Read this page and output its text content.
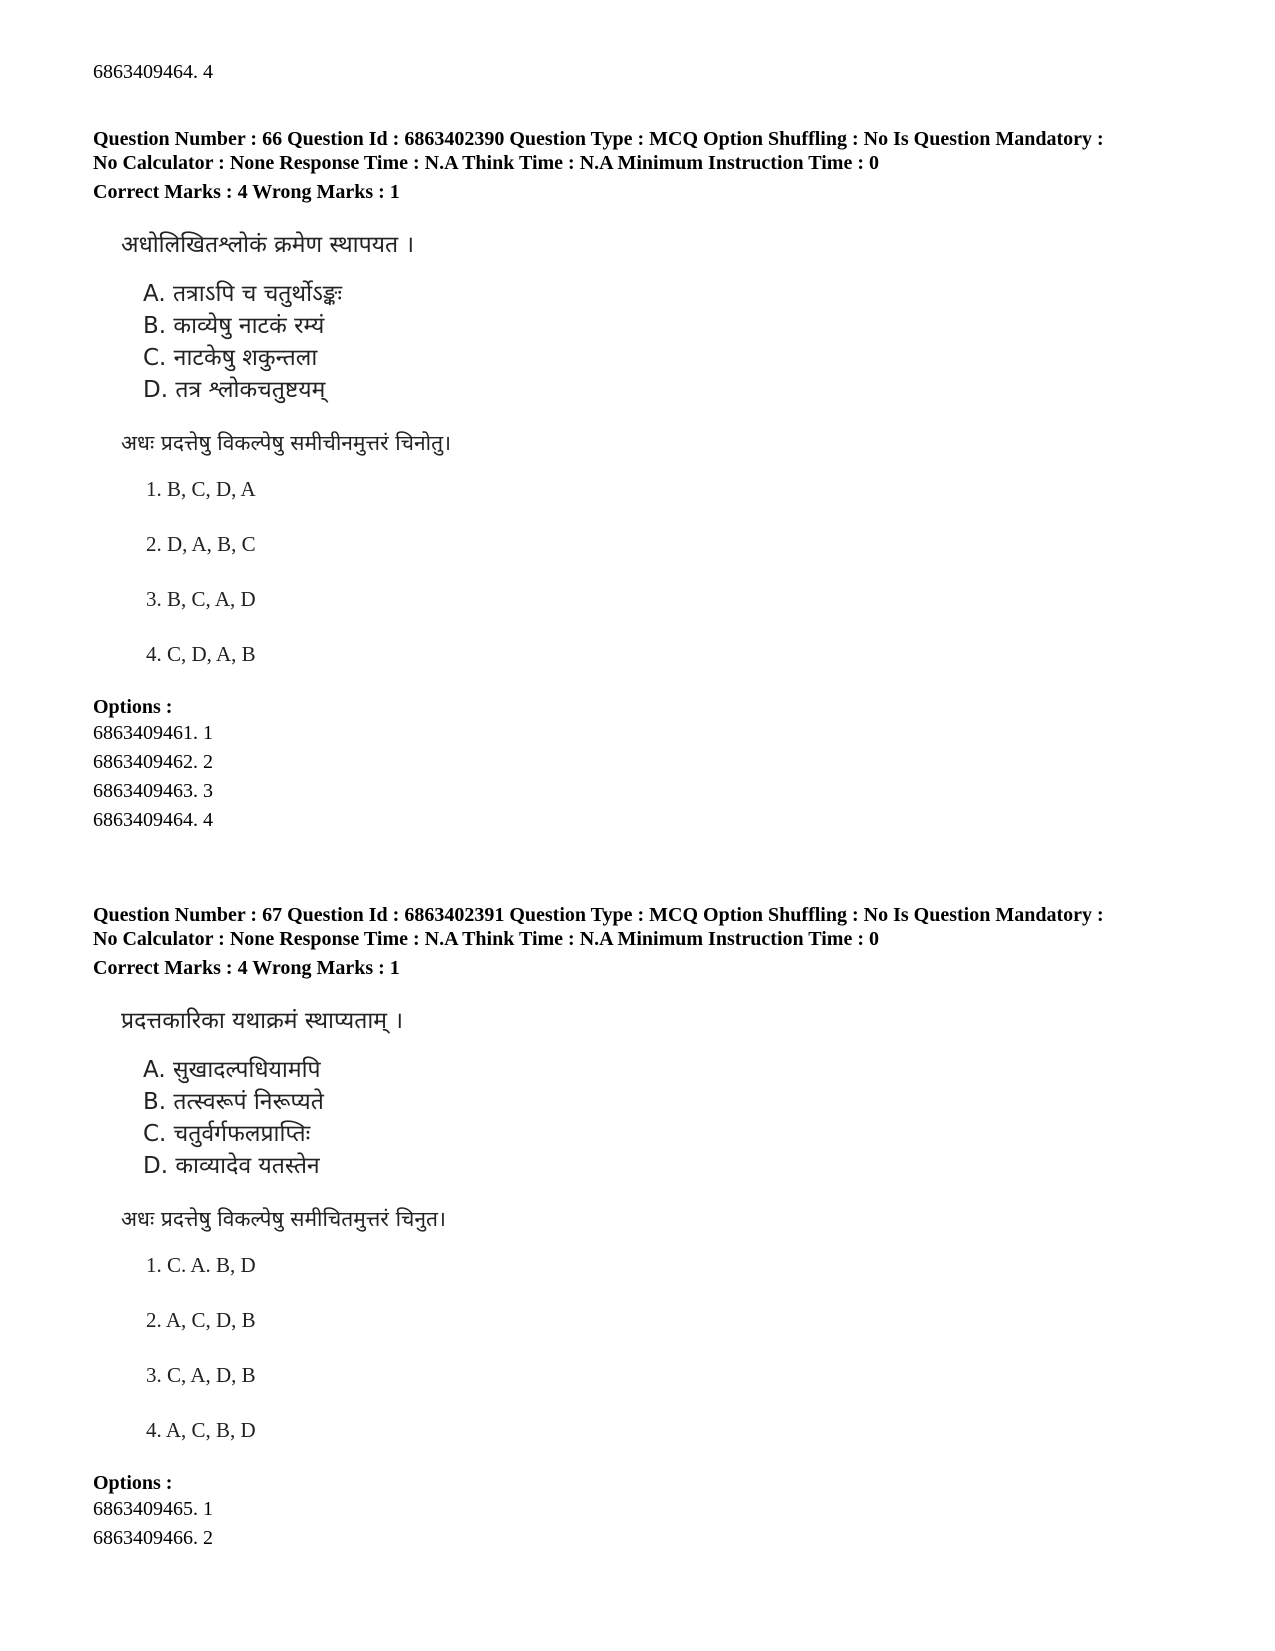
6863409464. 4
Question Number : 66 Question Id : 6863402390 Question Type : MCQ Option Shuffling : No Is Question Mandatory :
No Calculator : None Response Time : N.A Think Time : N.A Minimum Instruction Time : 0
Correct Marks : 4 Wrong Marks : 1
अधोलिखितश्लोकं क्रमेण स्थापयत ।
A. तत्राऽपि च चतुर्थोऽङ्कः
B. काव्येषु नाटकं रम्यं
C. नाटकेषु शकुन्तला
D. तत्र श्लोकचतुष्टयम्
अधः प्रदत्तेषु विकल्पेषु समीचीनमुत्तरं चिनोतु।
1. B, C, D, A
2. D, A, B, C
3. B, C, A, D
4. C, D, A, B
Options :
6863409461. 1
6863409462. 2
6863409463. 3
6863409464. 4
Question Number : 67 Question Id : 6863402391 Question Type : MCQ Option Shuffling : No Is Question Mandatory :
No Calculator : None Response Time : N.A Think Time : N.A Minimum Instruction Time : 0
Correct Marks : 4 Wrong Marks : 1
प्रदत्तकारिका यथाक्रमं स्थाप्यताम् ।
A. सुखादल्पधियामपि
B. तत्स्वरूपं निरूप्यते
C. चतुर्वर्गफलप्राप्तिः
D. काव्यादेव यतस्तेन
अधः प्रदत्तेषु विकल्पेषु समीचितमुत्तरं चिनुत।
1. C. A. B, D
2. A, C, D, B
3. C, A, D, B
4. A, C, B, D
Options :
6863409465. 1
6863409466. 2
